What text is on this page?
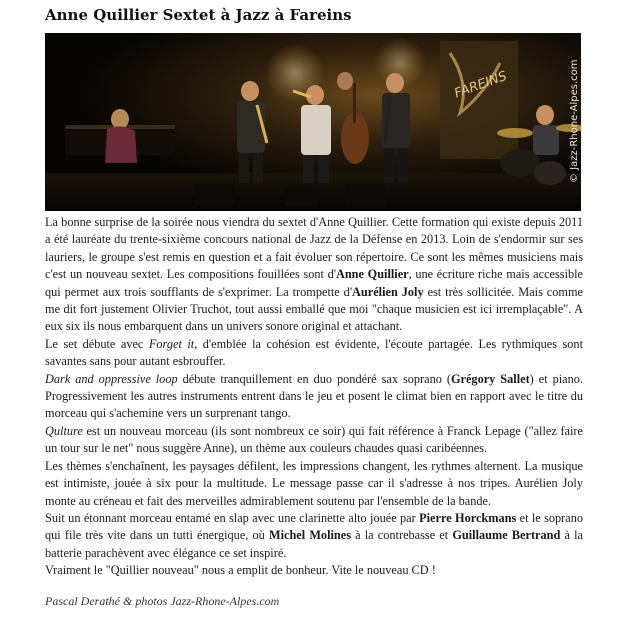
Anne Quillier Sextet à Jazz à Fareins
FAREINS	© Jazz-Rhone-Alpes.com

La bonne surprise de la soirée nous viendra du sextet d'Anne Quillier. Cette formation qui existe depuis 2011 a été lauréate du trente-sixième concours national de Jazz de la Défense en 2013. Loin de s'endormir sur ses lauriers, le groupe s'est remis en question et a fait évoluer son répertoire. Ce sont les mêmes musiciens mais c'est un nouveau sextet. Les compositions fouillées sont d'Anne Quillier, une écriture riche mais accessible qui permet aux trois soufflants de s'exprimer. La trompette d'Aurélien Joly est très sollicitée. Mais comme me dit fort justement Olivier Truchot, tout aussi emballé que moi "chaque musicien est ici irremplaçable". A eux six ils nous embarquent dans un univers sonore original et attachant.

Le set débute avec Forget it, d'emblée la cohésion est évidente, l'écoute partagée. Les rythmiques sont savantes sans pour autant esbrouffer.

Dark and oppressive loop débute tranquillement en duo pondéré sax soprano (Grégory Sallet) et piano. Progressivement les autres instruments entrent dans le jeu et posent le climat bien en rapport avec le titre du morceau qui s'achemine vers un surprenant tango.

Qulture est un nouveau morceau (ils sont nombreux ce soir) qui fait référence à Franck Lepage ("allez faire un tour sur le net" nous suggère Anne), un thème aux couleurs chaudes quasi caribéennes.

Les thèmes s'enchaînent, les paysages défilent, les impressions changent, les rythmes alternent. La musique est intimiste, jouée à six pour la multitude. Le message passe car il s'adresse à nos tripes. Aurélien Joly monte au créneau et fait des merveilles admirablement soutenu par l'ensemble de la bande.

Suit un étonnant morceau entamé en slap avec une clarinette alto jouée par Pierre Horckmans et le soprano qui file très vite dans un tutti énergique, où Michel Molines à la contrebasse et Guillaume Bertrand à la batterie parachèvent avec élégance ce set inspiré.

Vraiment le "Quillier nouveau" nous a emplit de bonheur. Vite le nouveau CD !

Pascal Derathé & photos Jazz-Rhone-Alpes.com
